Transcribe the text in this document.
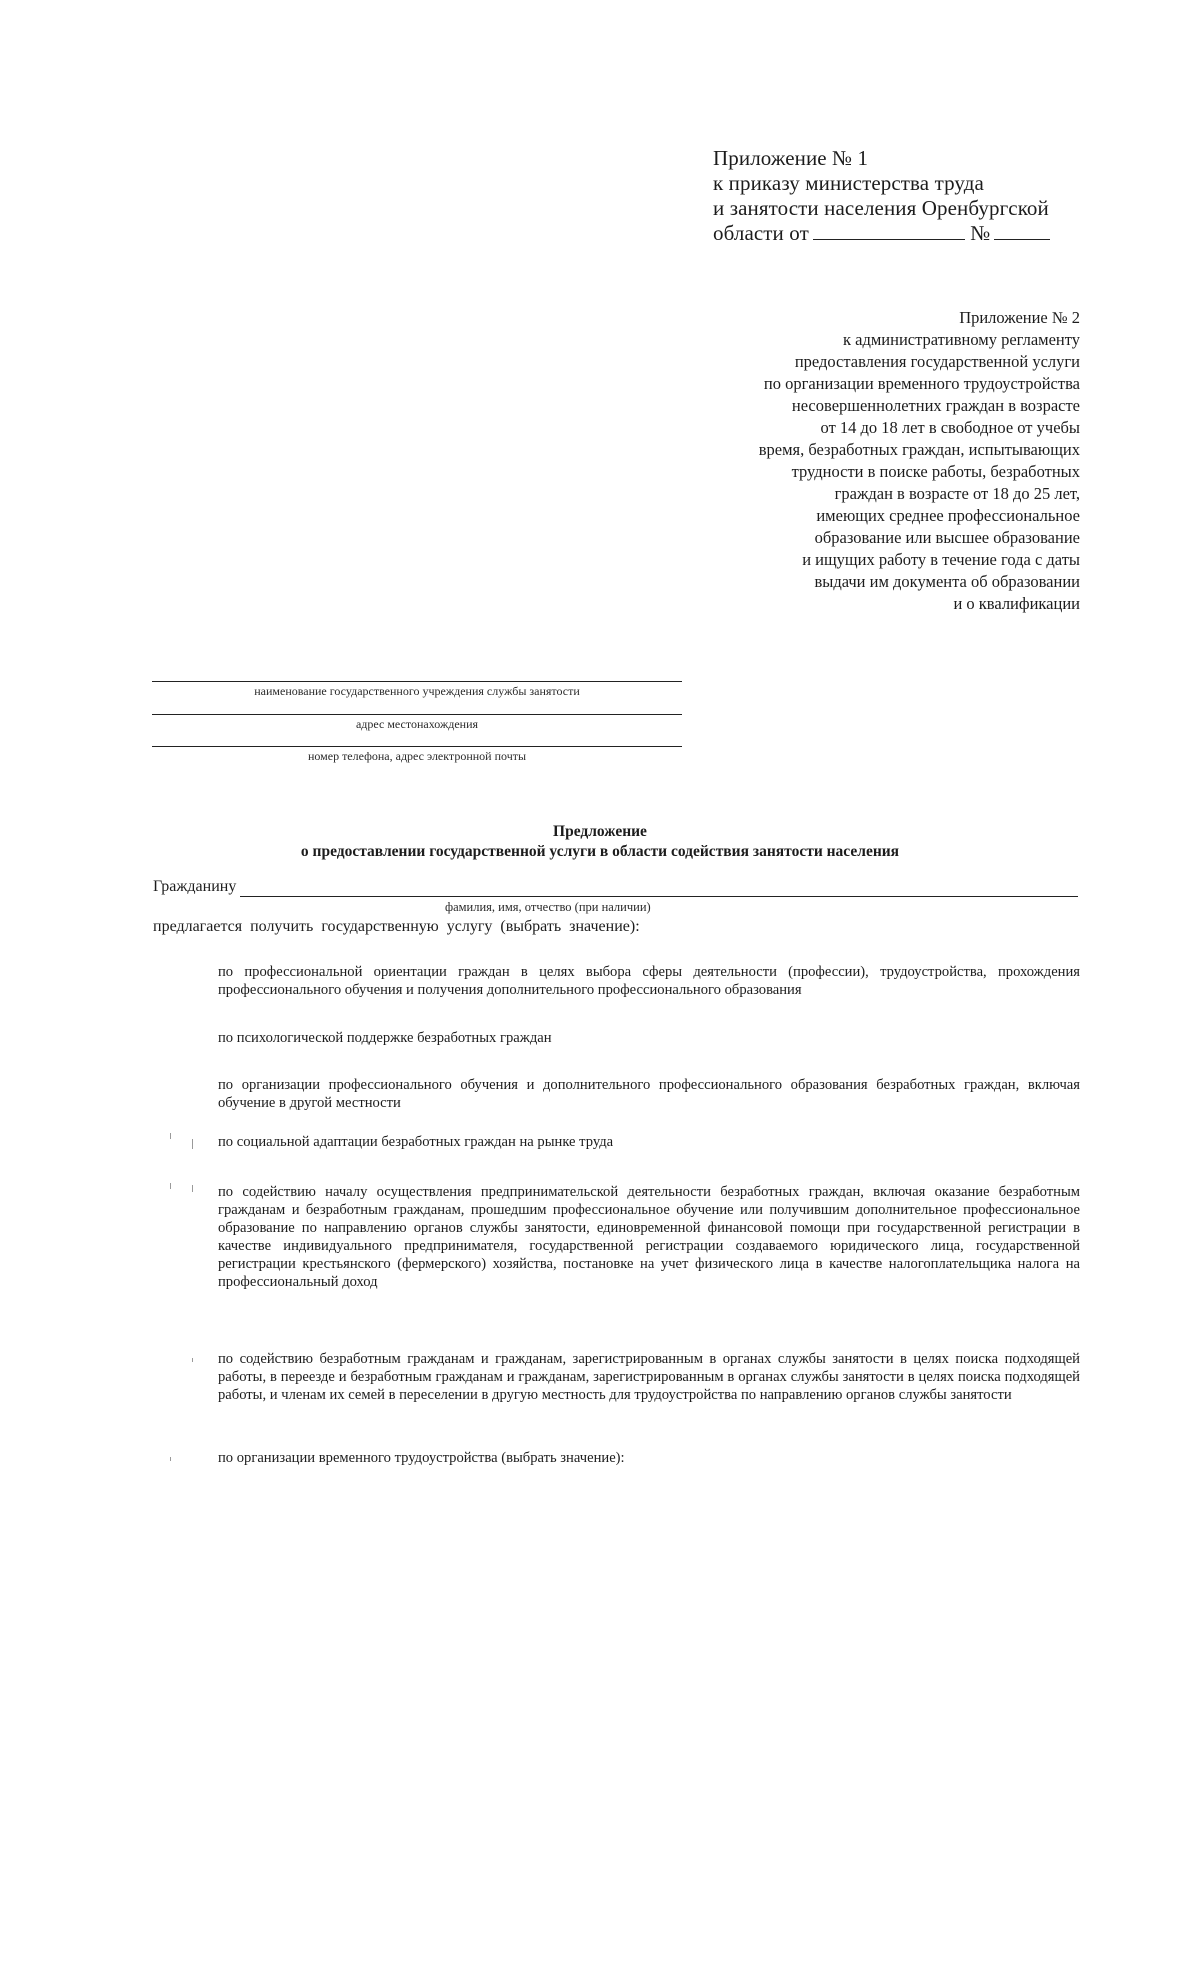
Приложение № 1
к приказу министерства труда
и занятости населения Оренбургской
области от	№
Приложение № 2
к административному регламенту
предоставления государственной услуги
по организации временного трудоустройства
несовершеннолетних граждан в возрасте
от 14 до 18 лет в свободное от учебы
время, безработных граждан, испытывающих
трудности в поиске работы, безработных
граждан в возрасте от 18 до 25 лет,
имеющих среднее профессиональное
образование или высшее образование
и ищущих работу в течение года с даты
выдачи им документа об образовании
и о квалификации
наименование государственного учреждения службы занятости
адрес местонахождения
номер телефона, адрес электронной почты
Предложение
о предоставлении государственной услуги в области содействия занятости населения
Гражданину
фамилия, имя, отчество (при наличии)
предлагается получить государственную услугу (выбрать значение):
по профессиональной ориентации граждан в целях выбора сферы деятельности (профессии), трудоустройства, прохождения профессионального обучения и получения дополнительного профессионального образования
по психологической поддержке безработных граждан
по организации профессионального обучения и дополнительного профессионального образования безработных граждан, включая обучение в другой местности
по социальной адаптации безработных граждан на рынке труда
по содействию началу осуществления предпринимательской деятельности безработных граждан, включая оказание безработным гражданам и безработным гражданам, прошедшим профессиональное обучение или получившим дополнительное профессиональное образование по направлению органов службы занятости, единовременной финансовой помощи при государственной регистрации в качестве индивидуального предпринимателя, государственной регистрации создаваемого юридического лица, государственной регистрации крестьянского (фермерского) хозяйства, постановке на учет физического лица в качестве налогоплательщика налога на профессиональный доход
по содействию безработным гражданам и гражданам, зарегистрированным в органах службы занятости в целях поиска подходящей работы, в переезде и безработным гражданам и гражданам, зарегистрированным в органах службы занятости в целях поиска подходящей работы, и членам их семей в переселении в другую местность для трудоустройства по направлению органов службы занятости
по организации временного трудоустройства (выбрать значение):
